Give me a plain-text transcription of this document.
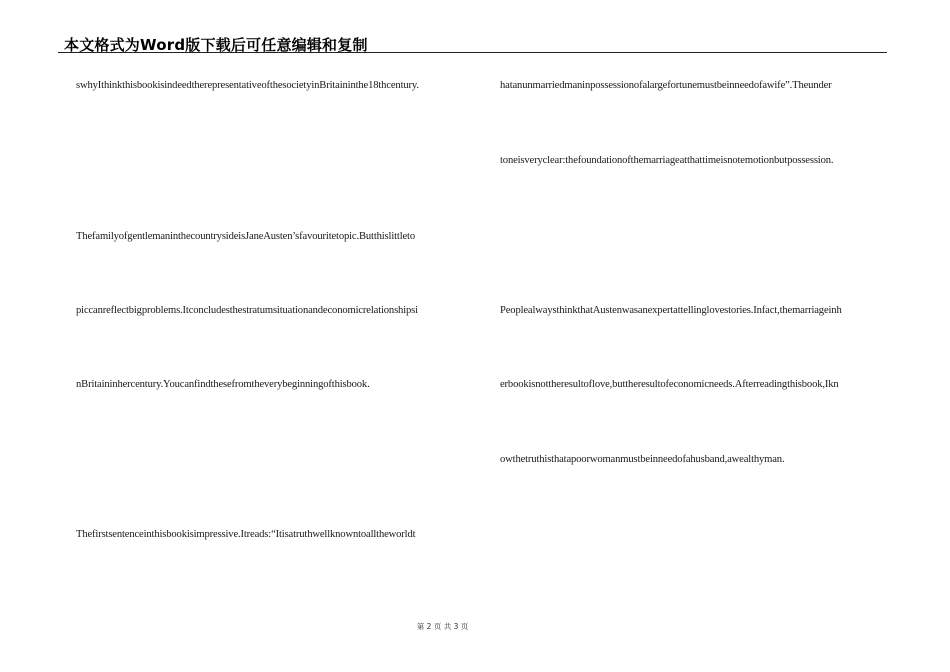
本文格式为Word版下载后可任意编辑和复制
swhyIthinkthisbookisindeedtherepresentativeofthesocietyinBritaininthe18thcentury.
ThefamilyofgentlemaninthecountrysideisJaneAusten’sfavouritetopic.Butthislittleto
piccanreflectbigproblems.Itconcludesthestratumsituationandeconomicrelationshipsi
nBritaininhercentury.Youcanfindthesefromtheverybeginningofthisbook.
Thefirstsentenceinthisbookisimpressive.Itreads:“Itisatruthwellknowntoalltheworldt
hatanunmarriedmaninpossessionofalargefortunemustbeinneedofawife”.Theunder
toneisveryclear:thefoundationofthemarriageatthattimeisnotemotionbutpossession.
PeoplealwaysthinkthatAustenwasanexpertattellinglovestories.Infact,themarriageinh
erbookisnottheresultoflove,buttheresultofeconomicneeds.Afterreadingthisbook,Ikn
owthetruthisthatapoorwomanmustbeinneedofahusband,awealthyman.
第 2 页 共 3 页
